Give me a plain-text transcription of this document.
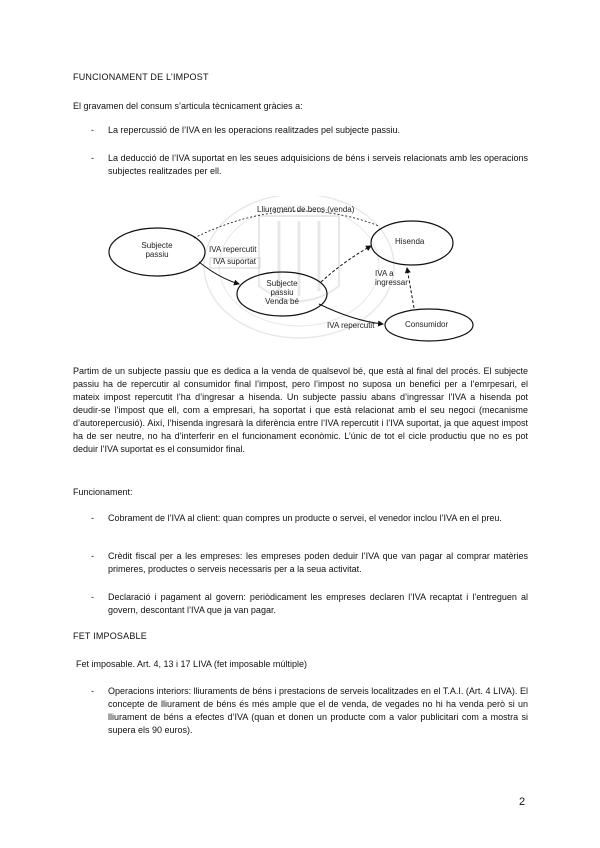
FUNCIONAMENT DE L’IMPOST
El gravamen del consum s’articula tècnicament gràcies a:
- La repercussió de l’IVA en les operacions realitzades pel subjecte passiu.
- La deducció de l’IVA suportat en les seues adquisicions de béns i serveis relacionats amb les operacions subjectes realitzades per ell.
Lliurament de bens (venda)
Subjecte
passiu
IVA repercutit
IVA suportat
Subjecte
passiu
Venda bé
Hisenda
IVA a
ingressar
IVA repercutit	Consumidor
Partim de un subjecte passiu que es dedica a la venda de qualsevol bé, que està al final del procés. El subjecte passiu ha de repercutir al consumidor final l’impost, pero l’impost no suposa un benefici per a l’emrpesari, el mateix impost repercutit l’ha d’ingresar a hisenda. Un subjecte passiu abans d’ingressar l’IVA a hisenda pot deudir-se l’impost que ell, com a empresari, ha soportat i que està relacionat amb el seu negoci (mecanisme d’autorepercusió). Així, l’hisenda ingresarà la diferència entre l’IVA repercutit i l’IVA suportat, ja que aquest impost ha de ser neutre, no ha d’interferir en el funcionament econòmic. L’únic de tot el cicle productiu que no es pot deduir l’IVA suportat es el consumidor final.
Funcionament:
- Cobrament de l’IVA al client: quan compres un producte o servei, el venedor inclou l’IVA en el preu.
- Crèdit fiscal per a les empreses: les empreses poden deduir l’IVA que van pagar al comprar matèries primeres, productes o serveis necessaris per a la seua activitat.
- Declaració i pagament al govern: periòdicament les empreses declaren l’IVA recaptat i l’entreguen al govern, descontant l’IVA que ja van pagar.
FET IMPOSABLE
Fet imposable. Art. 4, 13 i 17 LIVA (fet imposable múltiple)
- Operacions interiors: lliuraments de béns i prestacions de serveis localitzades en el T.A.I. (Art. 4 LIVA). El concepte de lliurament de béns és més ample que el de venda, de vegades no hi ha venda però si un lliurament de béns a efectes d’IVA (quan et donen un producte com a valor publicitari com a mostra si supera els 90 euros).
2
